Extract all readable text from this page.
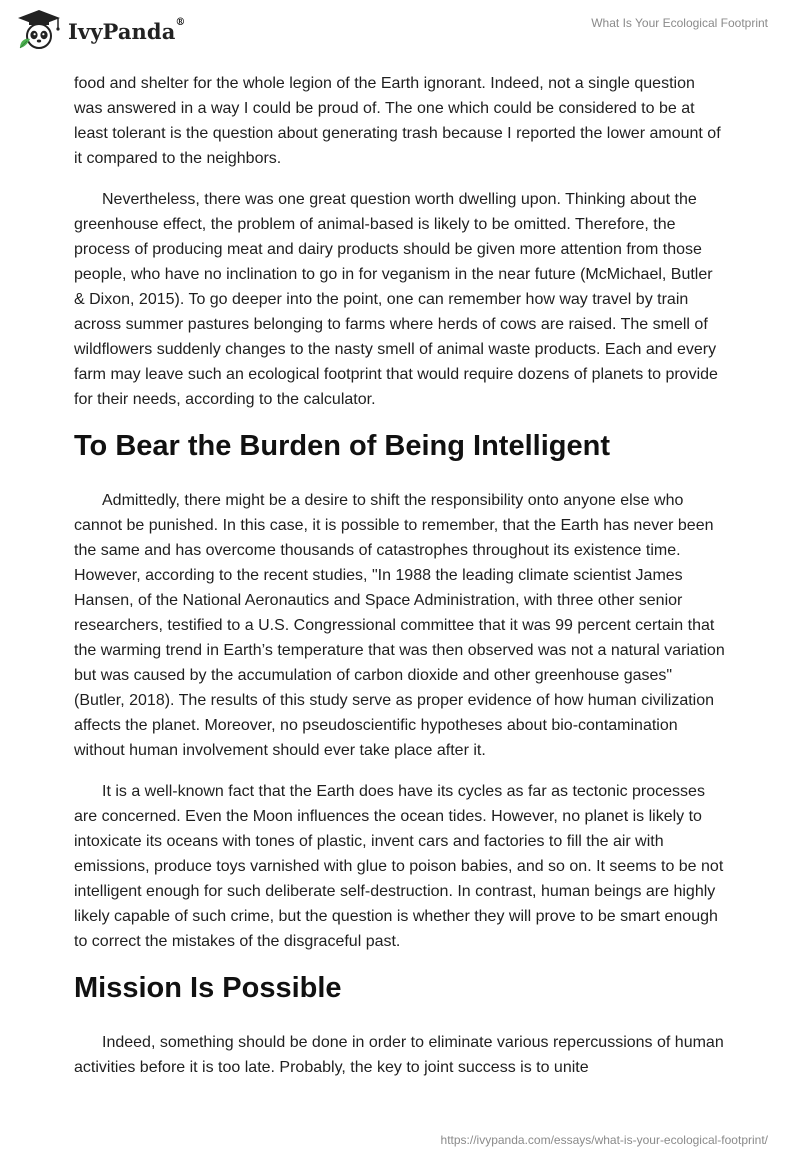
IvyPanda®	What Is Your Ecological Footprint

food and shelter for the whole legion of the Earth ignorant. Indeed, not a single question was answered in a way I could be proud of. The one which could be considered to be at least tolerant is the question about generating trash because I reported the lower amount of it compared to the neighbors.

Nevertheless, there was one great question worth dwelling upon. Thinking about the greenhouse effect, the problem of animal-based is likely to be omitted. Therefore, the process of producing meat and dairy products should be given more attention from those people, who have no inclination to go in for veganism in the near future (McMichael, Butler & Dixon, 2015). To go deeper into the point, one can remember how way travel by train across summer pastures belonging to farms where herds of cows are raised. The smell of wildflowers suddenly changes to the nasty smell of animal waste products. Each and every farm may leave such an ecological footprint that would require dozens of planets to provide for their needs, according to the calculator.

To Bear the Burden of Being Intelligent

Admittedly, there might be a desire to shift the responsibility onto anyone else who cannot be punished. In this case, it is possible to remember, that the Earth has never been the same and has overcome thousands of catastrophes throughout its existence time. However, according to the recent studies, "In 1988 the leading climate scientist James Hansen, of the National Aeronautics and Space Administration, with three other senior researchers, testified to a U.S. Congressional committee that it was 99 percent certain that the warming trend in Earth’s temperature that was then observed was not a natural variation but was caused by the accumulation of carbon dioxide and other greenhouse gases" (Butler, 2018). The results of this study serve as proper evidence of how human civilization affects the planet. Moreover, no pseudoscientific hypotheses about bio-contamination without human involvement should ever take place after it.

It is a well-known fact that the Earth does have its cycles as far as tectonic processes are concerned. Even the Moon influences the ocean tides. However, no planet is likely to intoxicate its oceans with tones of plastic, invent cars and factories to fill the air with emissions, produce toys varnished with glue to poison babies, and so on. It seems to be not intelligent enough for such deliberate self-destruction. In contrast, human beings are highly likely capable of such crime, but the question is whether they will prove to be smart enough to correct the mistakes of the disgraceful past.

Mission Is Possible

Indeed, something should be done in order to eliminate various repercussions of human activities before it is too late. Probably, the key to joint success is to unite

https://ivypanda.com/essays/what-is-your-ecological-footprint/
